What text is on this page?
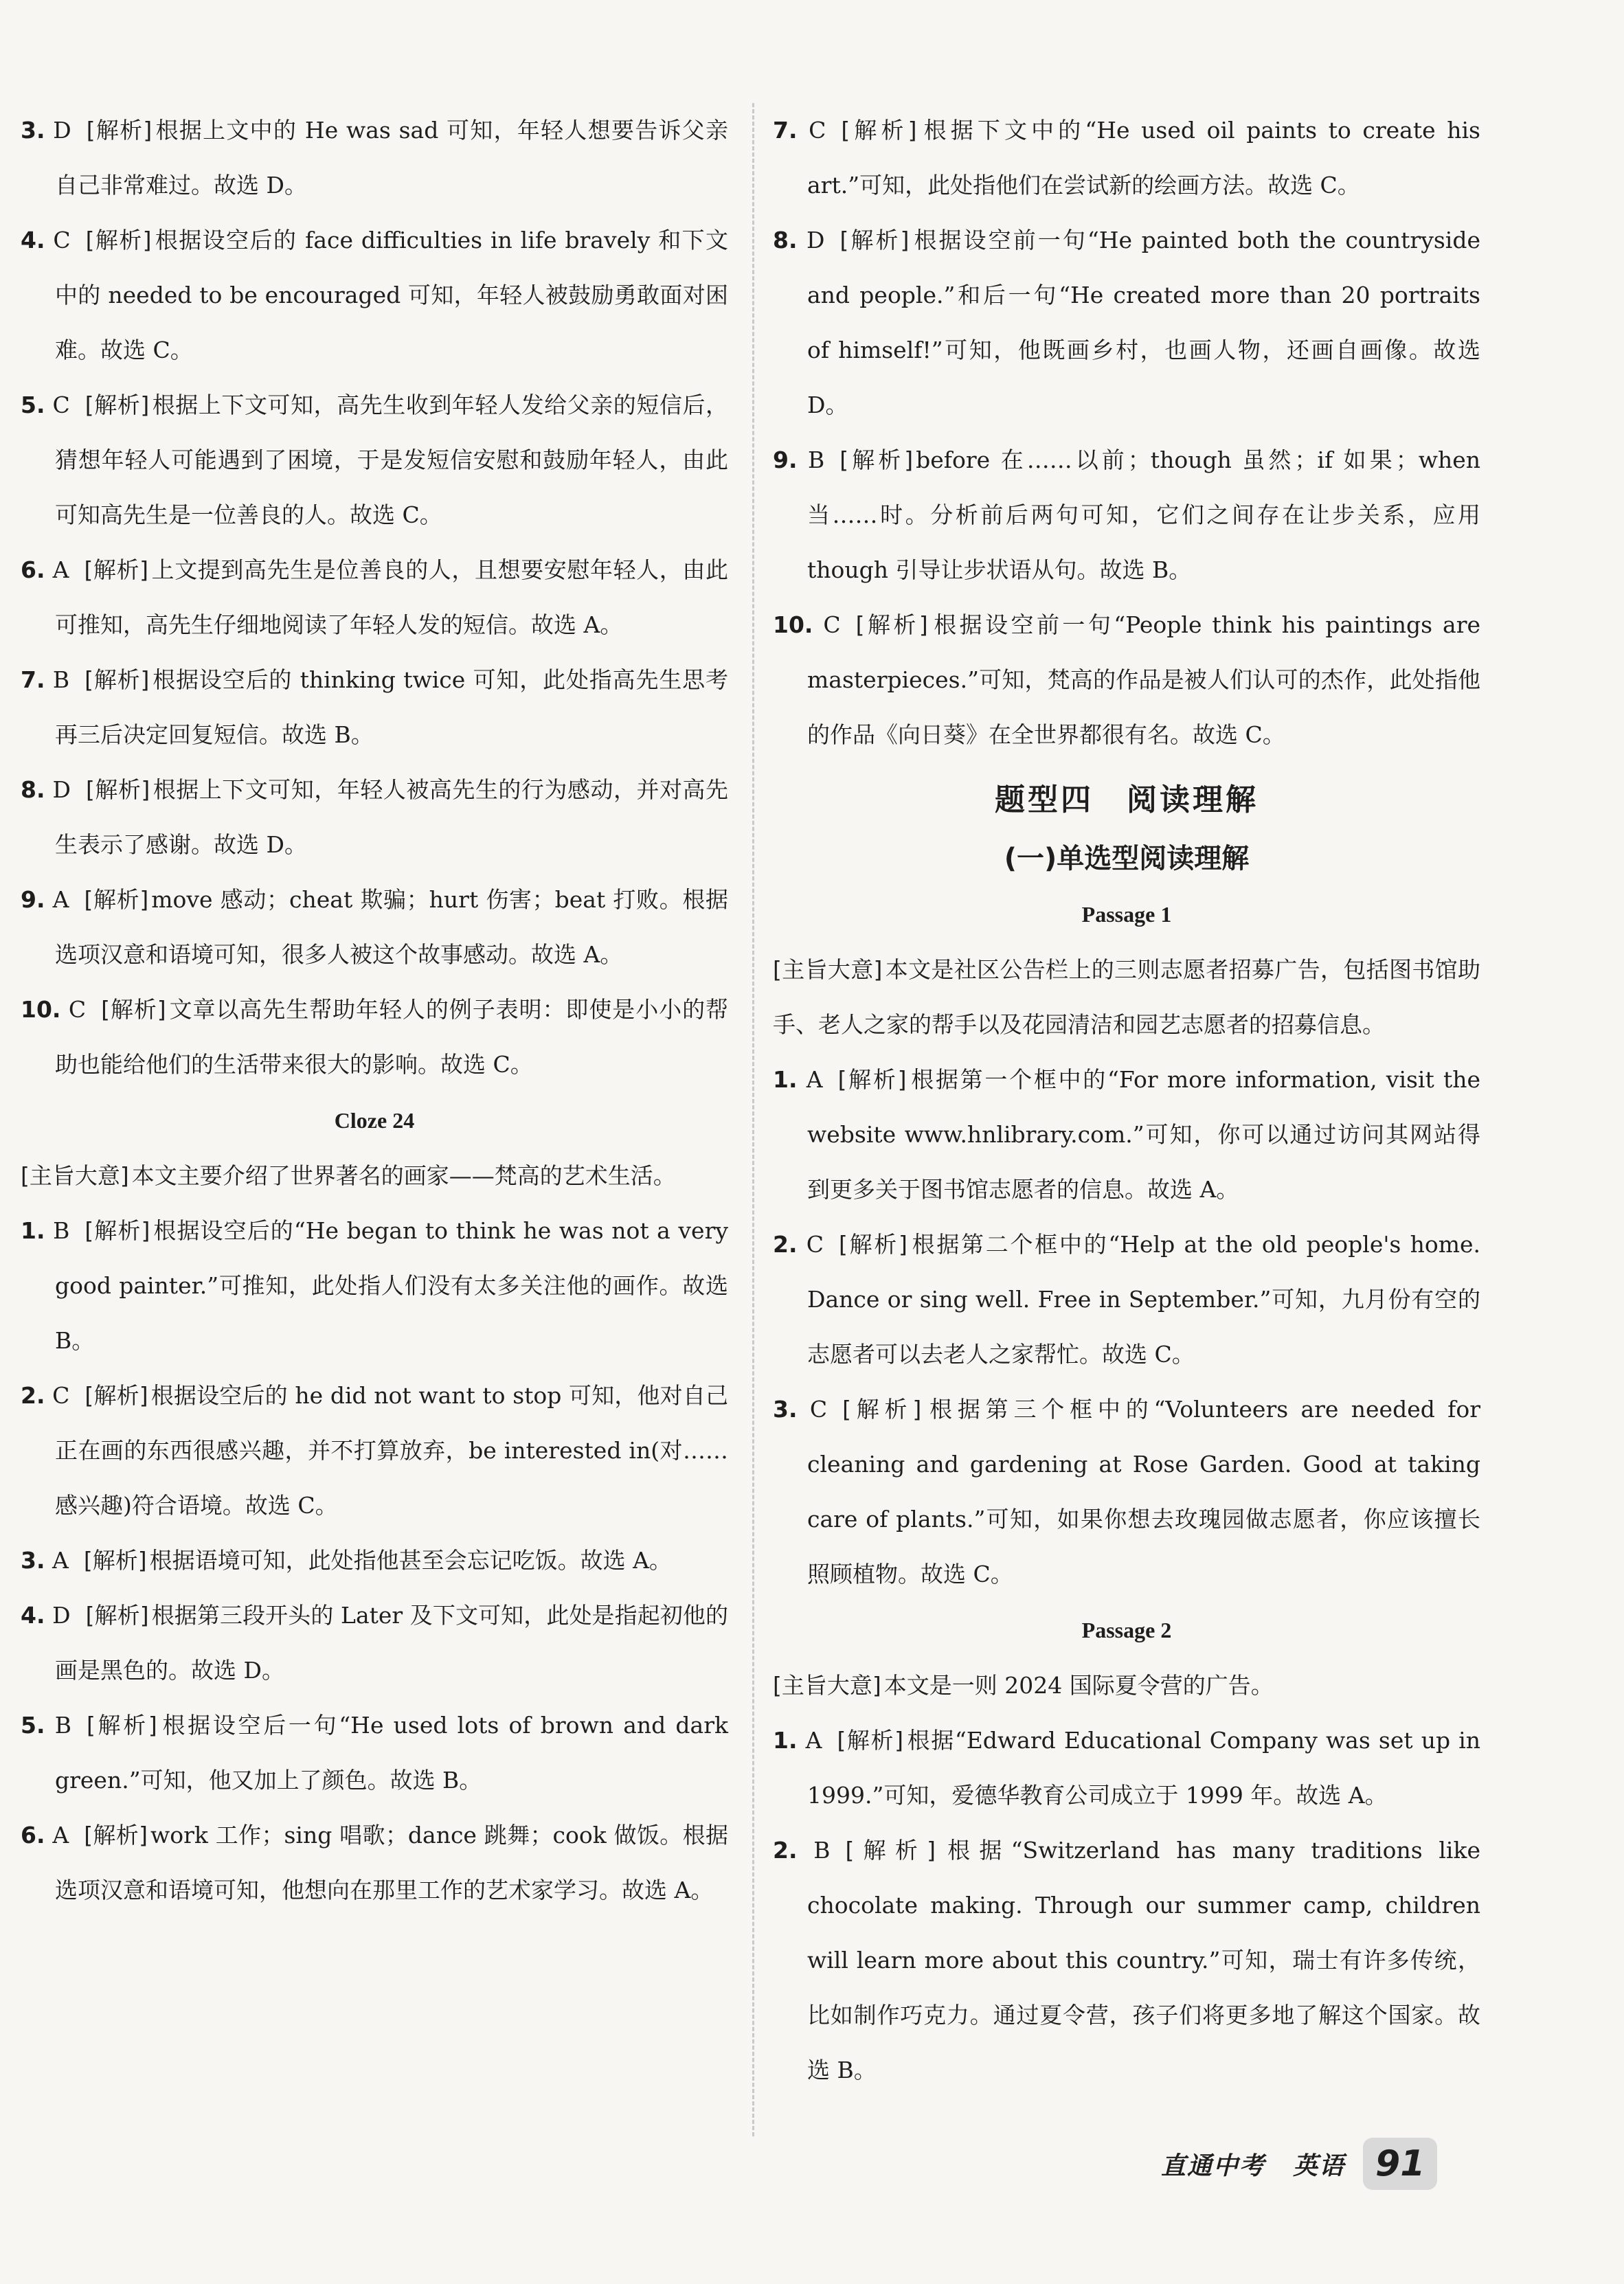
3. D [解析] 根据上文中的 He was sad 可知，年轻人想要告诉父亲自己非常难过。故选 D。
4. C [解析] 根据设空后的 face difficulties in life bravely 和下文中的 needed to be encouraged 可知，年轻人被鼓励勇敢面对困难。故选 C。
5. C [解析] 根据上下文可知，高先生收到年轻人发给父亲的短信后，猜想年轻人可能遇到了困境，于是发短信安慰和鼓励年轻人，由此可知高先生是一位善良的人。故选 C。
6. A [解析] 上文提到高先生是位善良的人，且想要安慰年轻人，由此可推知，高先生仔细地阅读了年轻人发的短信。故选 A。
7. B [解析] 根据设空后的 thinking twice 可知，此处指高先生思考再三后决定回复短信。故选 B。
8. D [解析] 根据上下文可知，年轻人被高先生的行为感动，并对高先生表示了感谢。故选 D。
9. A [解析] move 感动；cheat 欺骗；hurt 伤害；beat 打败。根据选项汉意和语境可知，很多人被这个故事感动。故选 A。
10. C [解析] 文章以高先生帮助年轻人的例子表明：即使是小小的帮助也能给他们的生活带来很大的影响。故选 C。
Cloze 24
[主旨大意] 本文主要介绍了世界著名的画家——梵高的艺术生活。
1. B [解析] 根据设空后的“He began to think he was not a very good painter.”可推知，此处指人们没有太多关注他的画作。故选 B。
2. C [解析] 根据设空后的 he did not want to stop 可知，他对自己正在画的东西很感兴趣，并不打算放弃，be interested in(对……感兴趣)符合语境。故选 C。
3. A [解析] 根据语境可知，此处指他甚至会忘记吃饭。故选 A。
4. D [解析] 根据第三段开头的 Later 及下文可知，此处是指起初他的画是黑色的。故选 D。
5. B [解析] 根据设空后一句“He used lots of brown and dark green.”可知，他又加上了颜色。故选 B。
6. A [解析] work 工作；sing 唱歌；dance 跳舞；cook 做饭。根据选项汉意和语境可知，他想向在那里工作的艺术家学习。故选 A。
7. C [解析] 根据下文中的“He used oil paints to create his art.”可知，此处指他们在尝试新的绘画方法。故选 C。
8. D [解析] 根据设空前一句“He painted both the countryside and people.”和后一句“He created more than 20 portraits of himself!”可知，他既画乡村，也画人物，还画自画像。故选 D。
9. B [解析] before 在……以前；though 虽然；if 如果；when 当……时。分析前后两句可知，它们之间存在让步关系，应用 though 引导让步状语从句。故选 B。
10. C [解析] 根据设空前一句“People think his paintings are masterpieces.”可知，梵高的作品是被人们认可的杰作，此处指他的作品《向日葵》在全世界都很有名。故选 C。
题型四　阅读理解
(一)单选型阅读理解
Passage 1
[主旨大意] 本文是社区公告栏上的三则志愿者招募广告，包括图书馆助手、老人之家的帮手以及花园清洁和园艺志愿者的招募信息。
1. A [解析] 根据第一个框中的“For more information, visit the website www.hnlibrary.com.”可知，你可以通过访问其网站得到更多关于图书馆志愿者的信息。故选 A。
2. C [解析] 根据第二个框中的“Help at the old people's home. Dance or sing well. Free in September.”可知，九月份有空的志愿者可以去老人之家帮忙。故选 C。
3. C [解析] 根据第三个框中的“Volunteers are needed for cleaning and gardening at Rose Garden. Good at taking care of plants.”可知，如果你想去玫瑰园做志愿者，你应该擅长照顾植物。故选 C。
Passage 2
[主旨大意] 本文是一则 2024 国际夏令营的广告。
1. A [解析] 根据“Edward Educational Company was set up in 1999.”可知，爱德华教育公司成立于 1999 年。故选 A。
2. B [解析] 根据“Switzerland has many traditions like chocolate making. Through our summer camp, children will learn more about this country.”可知，瑞士有许多传统，比如制作巧克力。通过夏令营，孩子们将更多地了解这个国家。故选 B。
直通中考 英语 91
